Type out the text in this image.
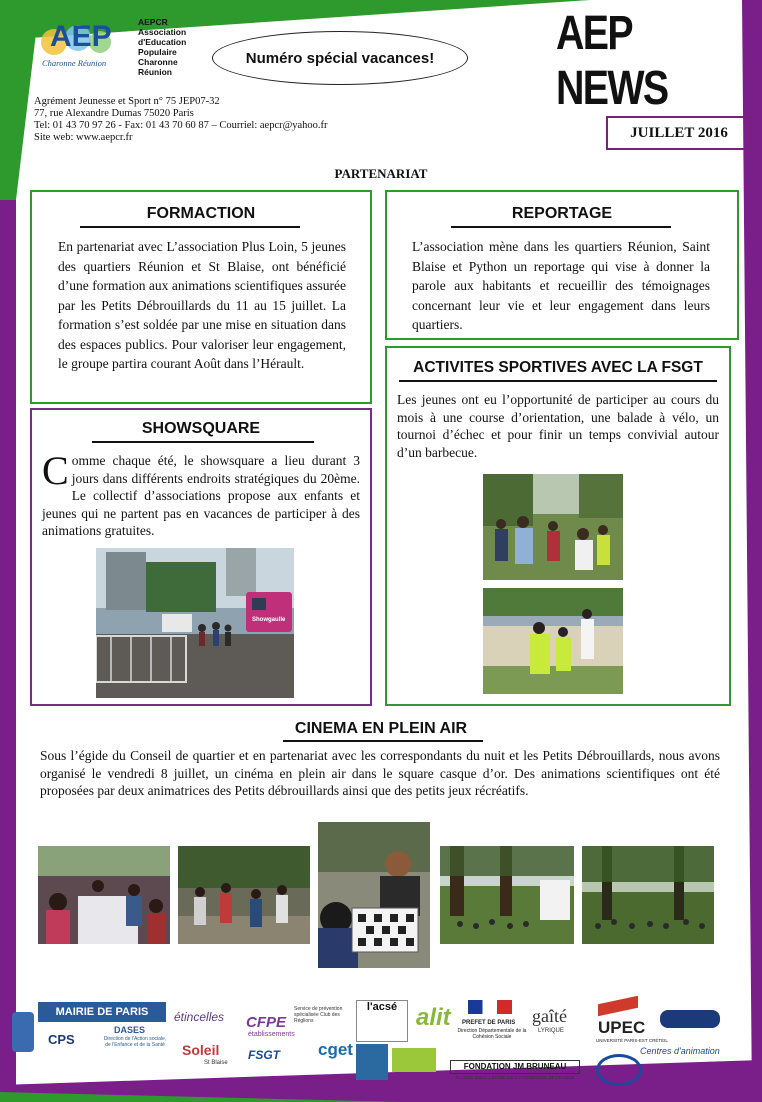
AEP
Charonne Réunion
AEPCR
Association
d'Education
Populaire
Charonne
Réunion
Numéro spécial vacances!	AEP NEWS
Agrément Jeunesse et Sport n° 75 JEP07-32
77, rue Alexandre Dumas 75020 Paris
Tel: 01 43 70 97 26 - Fax: 01 43 70 60 87 – Courriel: aepcr@yahoo.fr
Site web: www.aepcr.fr	JUILLET 2016
PARTENARIAT
FORMACTION
En partenariat avec L’association Plus Loin, 5 jeunes des quartiers Réunion et St Blaise, ont bénéficié d’une formation aux animations scientifiques assurée par les Petits Débrouillards du 11 au 15 juillet. La formation s’est soldée par une mise en situation dans des espaces publics. Pour valoriser leur engagement, le groupe partira courant Août dans l’Hérault.
REPORTAGE
L’association mène dans les quartiers Réunion, Saint Blaise et Python un reportage qui vise à donner la parole aux habitants et recueillir des témoignages concernant leur vie et leur engagement dans leurs quartiers.
SHOWSQUARE
Comme chaque été, le showsquare a lieu durant 3 jours dans différents endroits stratégiques du 20ème. Le collectif d’associations propose aux enfants et jeunes qui ne partent pas en vacances de participer à des animations gratuites.
Showgaulle
ACTIVITES SPORTIVES AVEC LA FSGT
Les jeunes ont eu l’opportunité de participer au cours du mois à une course d’orientation, une balade à vélo, un tournoi d’échec et pour finir un temps convivial autour d’un barbecue.
CINEMA EN PLEIN AIR
Sous l’égide du Conseil de quartier et en partenariat avec les correspondants du nuit et les Petits Débrouillards, nous avons organisé le vendredi 8 juillet, un cinéma en plein air dans le square casque d’or. Des animations scientifiques ont été proposées par deux animatrices des Petits débrouillards ainsi que des petits jeux récréatifs.
MAIRIE DE PARIS
CPS
DASES
Direction de l'Action sociale, de l'Enfance et de la Santé
étincelles
Soleil
St Blaise
CFPE
établissements
Service de prévention spécialisée Club des Réglions
FSGT cget
l'acsé alit PREFET DE PARIS
Direction Départementale de la Cohésion Sociale
gaîté
LYRIQUE
FONDATION JM.BRUNEAU
PLACÉE SOUS L'ÉGIDE DE LA FONDATION DE FRANCE
UPEC
UNIVERSITÉ PARIS-EST CRÉTEIL
Centres d'animation
